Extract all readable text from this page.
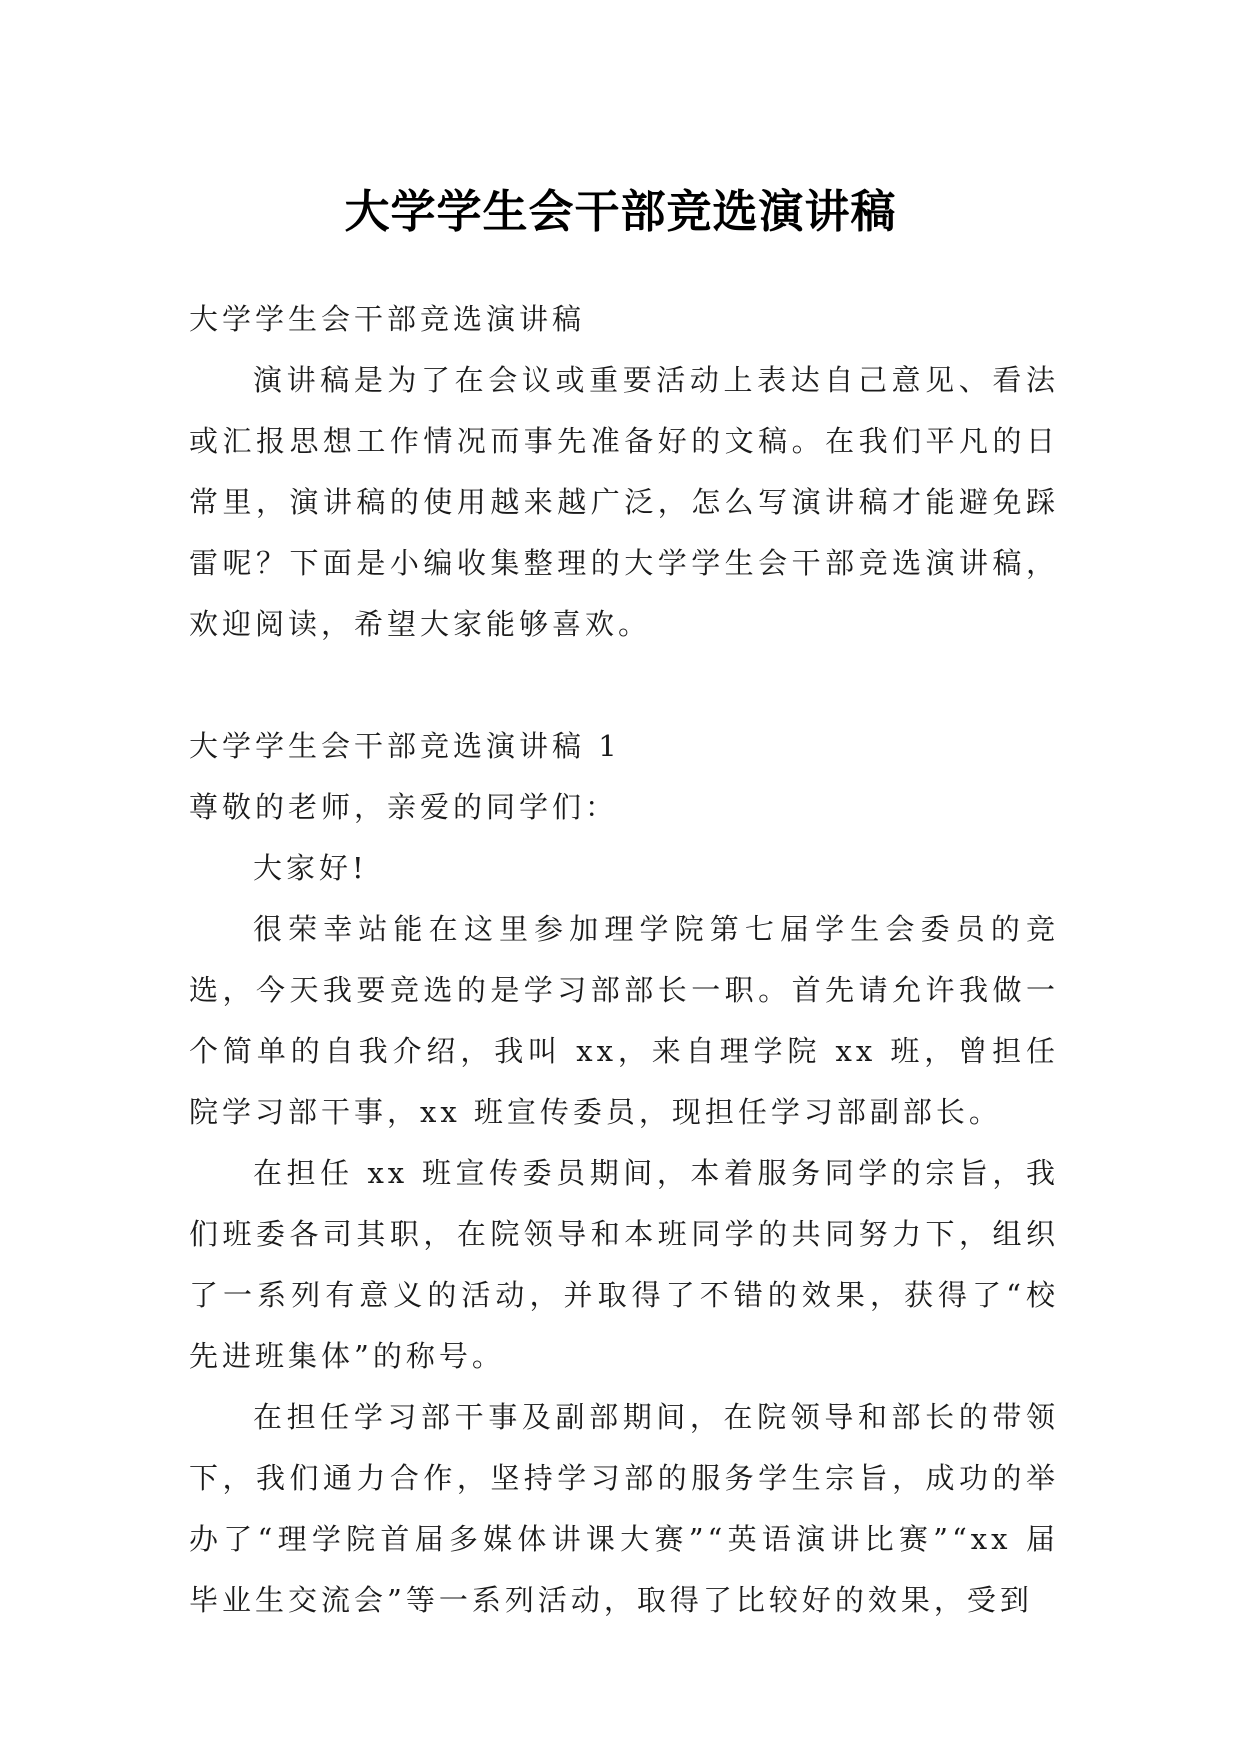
大学学生会干部竞选演讲稿

大学学生会干部竞选演讲稿

演讲稿是为了在会议或重要活动上表达自己意见、看法或汇报思想工作情况而事先准备好的文稿。在我们平凡的日常里，演讲稿的使用越来越广泛，怎么写演讲稿才能避免踩雷呢？下面是小编收集整理的大学学生会干部竞选演讲稿，欢迎阅读，希望大家能够喜欢。

大学学生会干部竞选演讲稿 1

尊敬的老师，亲爱的同学们：

大家好!

很荣幸站能在这里参加理学院第七届学生会委员的竞选，今天我要竞选的是学习部部长一职。首先请允许我做一个简单的自我介绍，我叫 xx，来自理学院 xx 班，曾担任院学习部干事，xx 班宣传委员，现担任学习部副部长。

在担任 xx 班宣传委员期间，本着服务同学的宗旨，我们班委各司其职，在院领导和本班同学的共同努力下，组织了一系列有意义的活动，并取得了不错的效果，获得了“校先进班集体”的称号。

在担任学习部干事及副部期间，在院领导和部长的带领下，我们通力合作，坚持学习部的服务学生宗旨，成功的举办了“理学院首届多媒体讲课大赛”“英语演讲比赛”“xx 届毕业生交流会”等一系列活动，取得了比较好的效果，受到
